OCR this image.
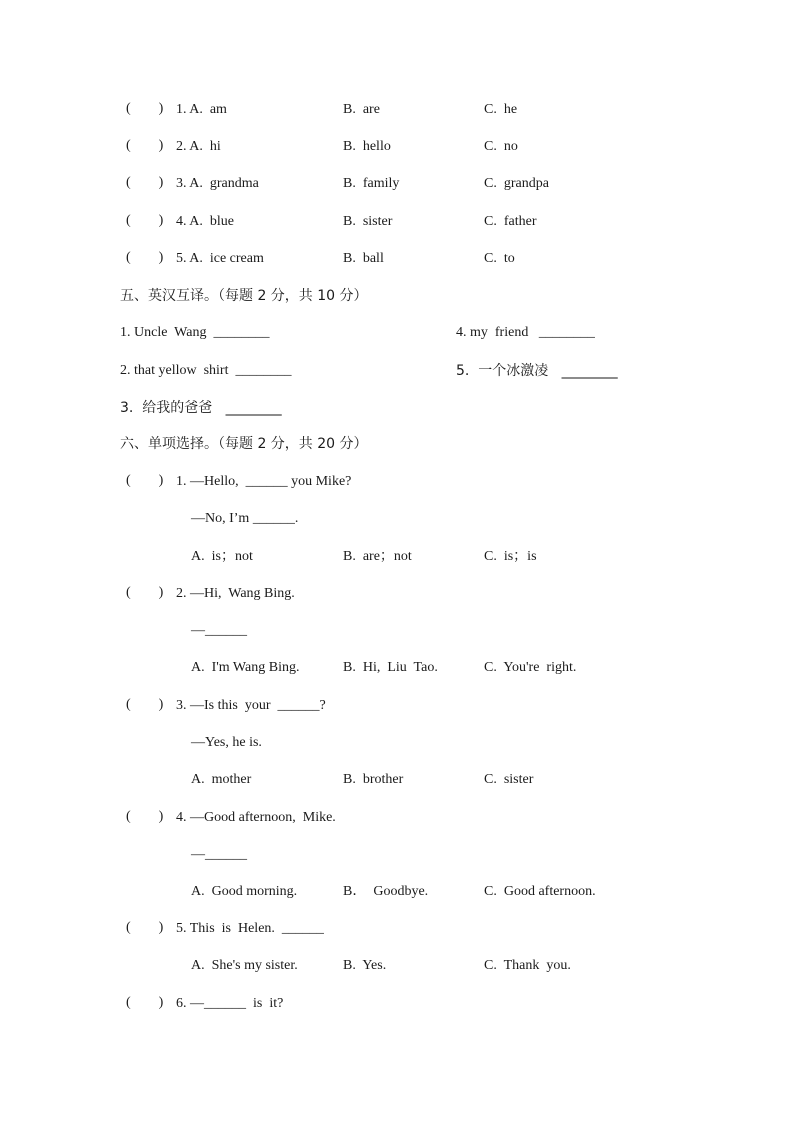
(        ) 1. A.  am	B.  are	C.  he
(        ) 2. A.  hi	B.  hello	C.  no
(        ) 3. A.  grandma	B.  family	C.  grandpa
(        ) 4. A.  blue	B.  sister	C.  father
(        ) 5. A.  ice cream	B.  ball	C.  to
五、英汉互译。（每题 2 分，共 10 分）
1. Uncle  Wang  ________	4. my  friend   ________
2. that yellow  shirt  ________	5.  一个冰激凌   ________
3.  给我的爸爸   ________
六、单项选择。（每题 2 分，共 20 分）
(        ) 1. —Hello,  ______ you Mike?
—No, I’m ______.
A.  is；not	B.  are；not	C.  is；is
(        ) 2. —Hi,  Wang Bing.
—______
A.  I'm Wang Bing.	B.  Hi,  Liu  Tao.	C.  You're  right.
(        ) 3. —Is this  your  ______?
—Yes, he is.
A.  mother	B.  brother	C.  sister
(        ) 4. —Good afternoon,  Mike.
—______
A.  Good morning.	B．  Goodbye.	C.  Good afternoon.
(        ) 5. This  is  Helen.  ______
A.  She's my sister.	B.  Yes.	C.  Thank  you.
(        ) 6. —______  is  it?
